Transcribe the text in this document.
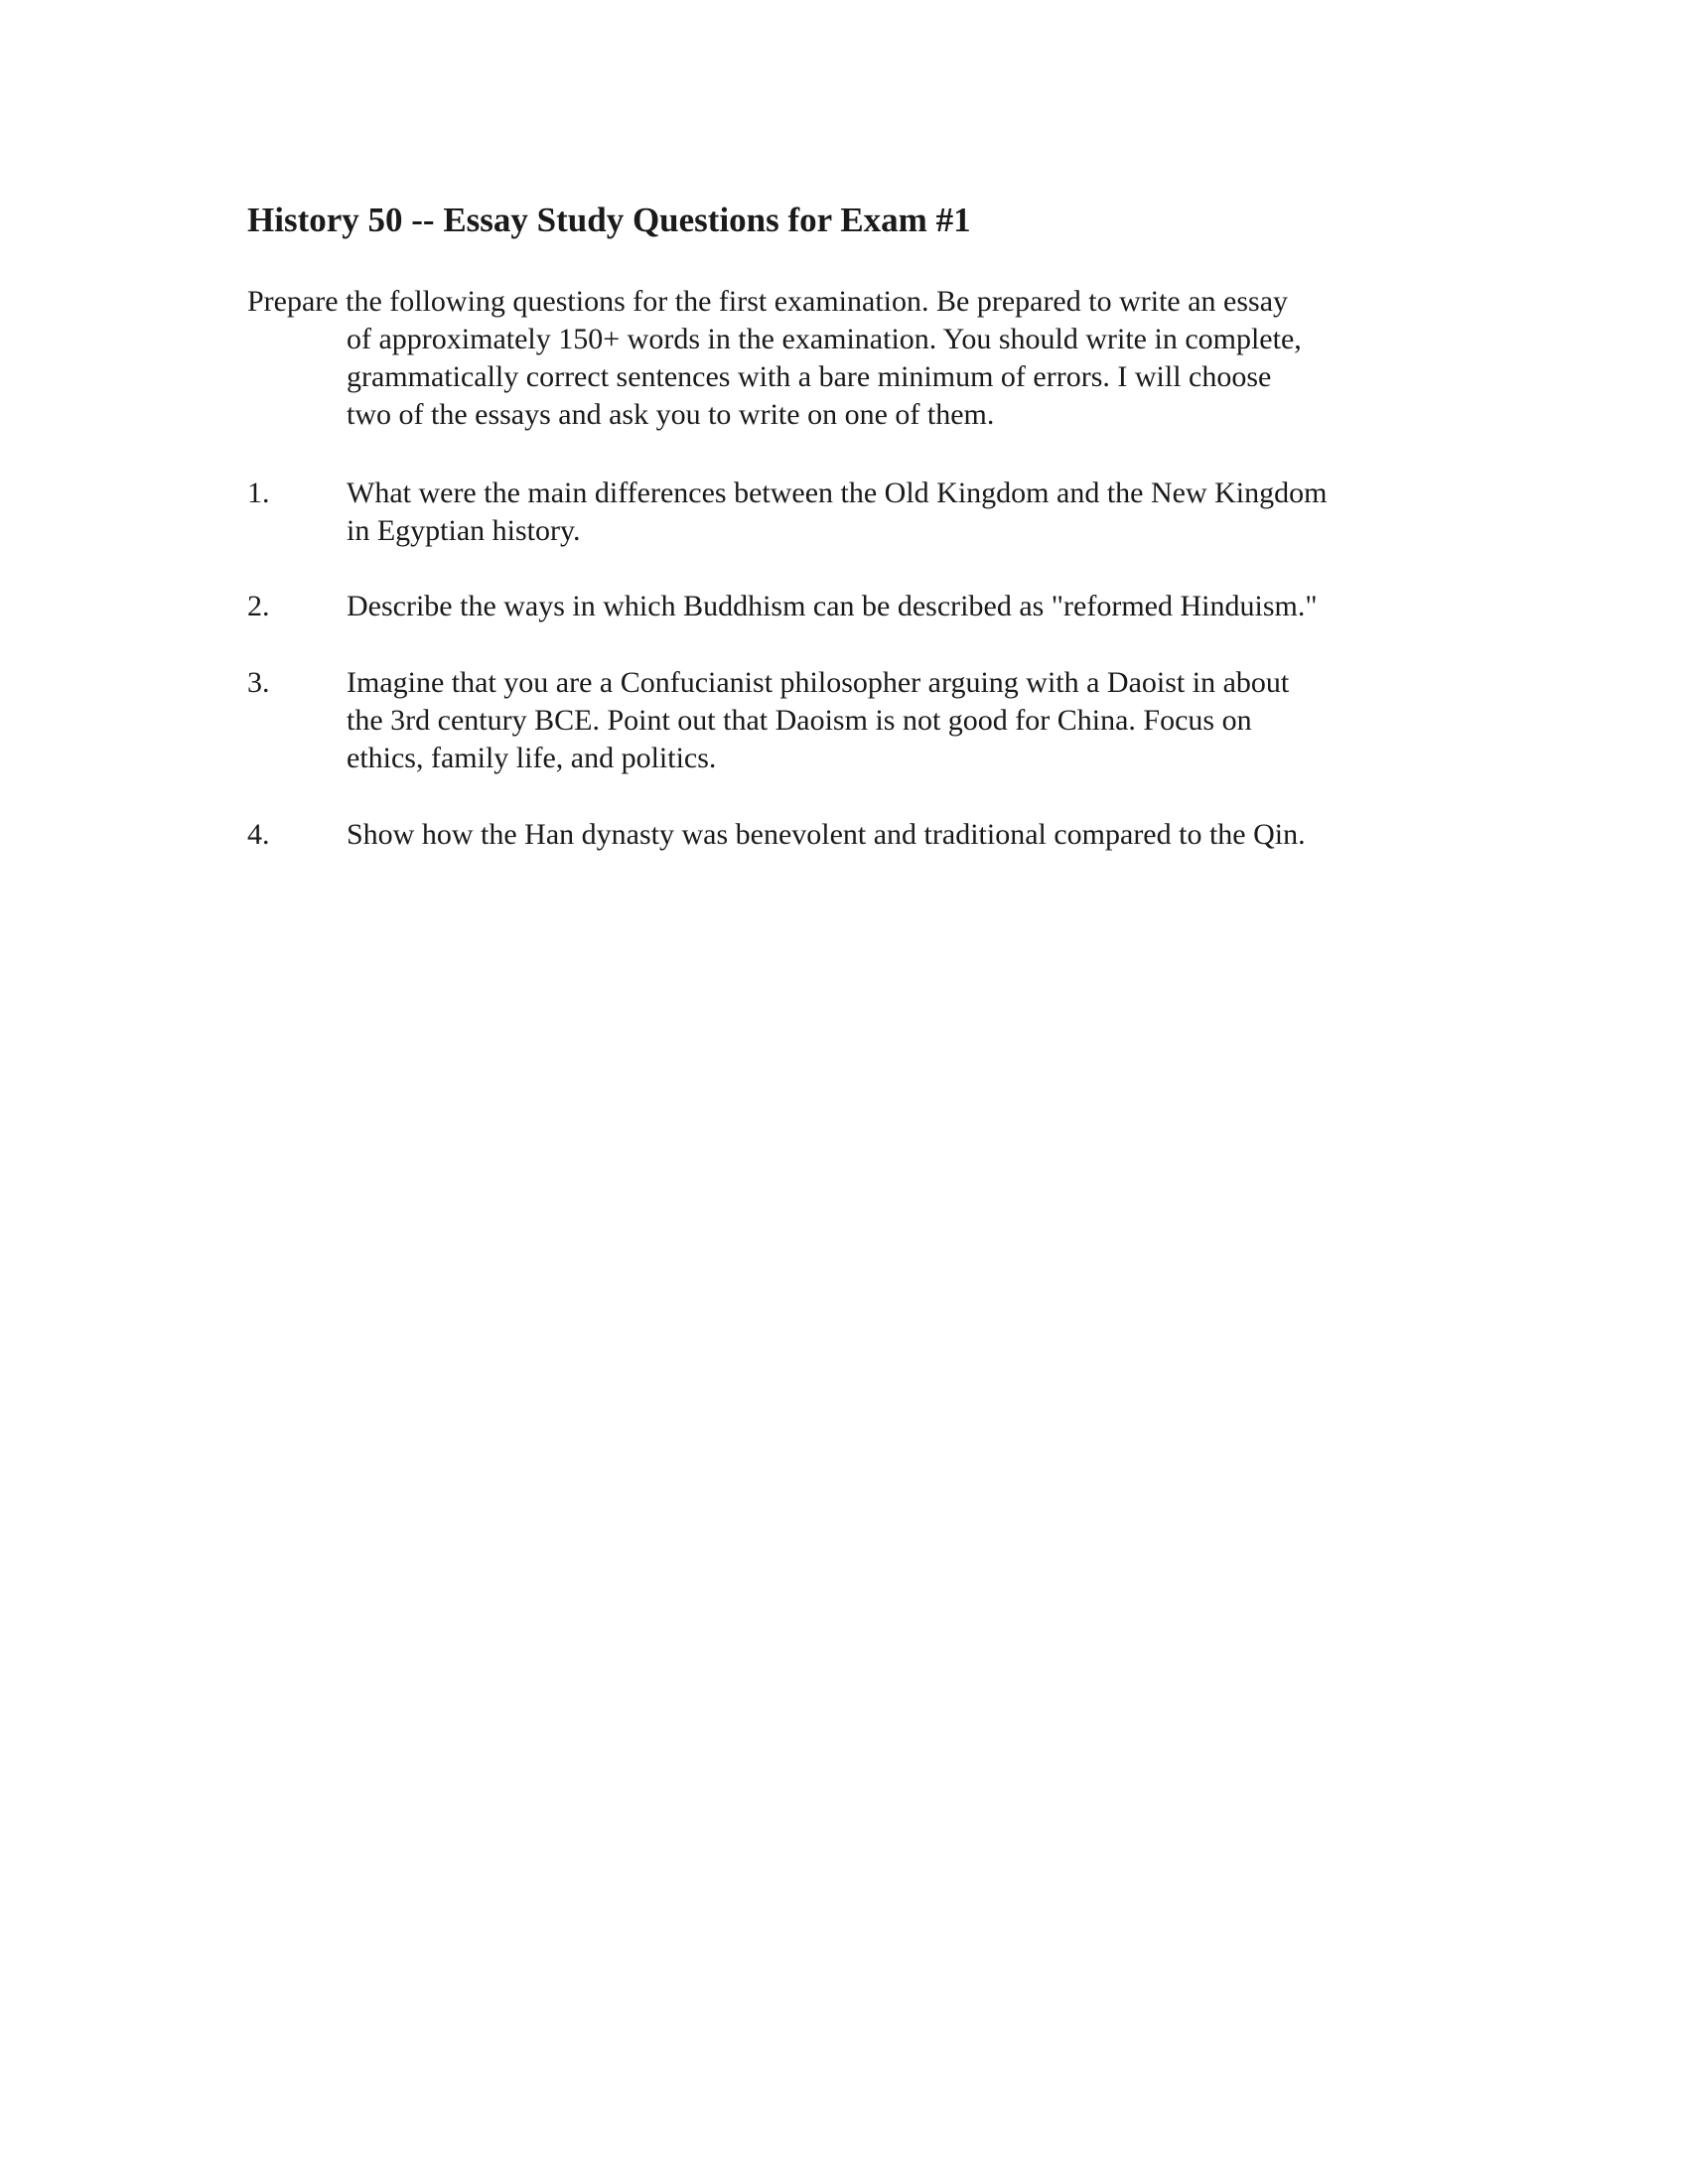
History 50 -- Essay Study Questions for Exam #1
Prepare the following questions for the first examination. Be prepared to write an essay
of approximately 150+ words in the examination. You should write in complete,
grammatically correct sentences with a bare minimum of errors. I will choose
two of the essays and ask you to write on one of them.
1.	What were the main differences between the Old Kingdom and the New Kingdom
in Egyptian history.
2.	Describe the ways in which Buddhism can be described as "reformed Hinduism."
3.	Imagine that you are a Confucianist philosopher arguing with a Daoist in about
the 3rd century BCE. Point out that Daoism is not good for China. Focus on
ethics, family life, and politics.
4.	Show how the Han dynasty was benevolent and traditional compared to the Qin.
